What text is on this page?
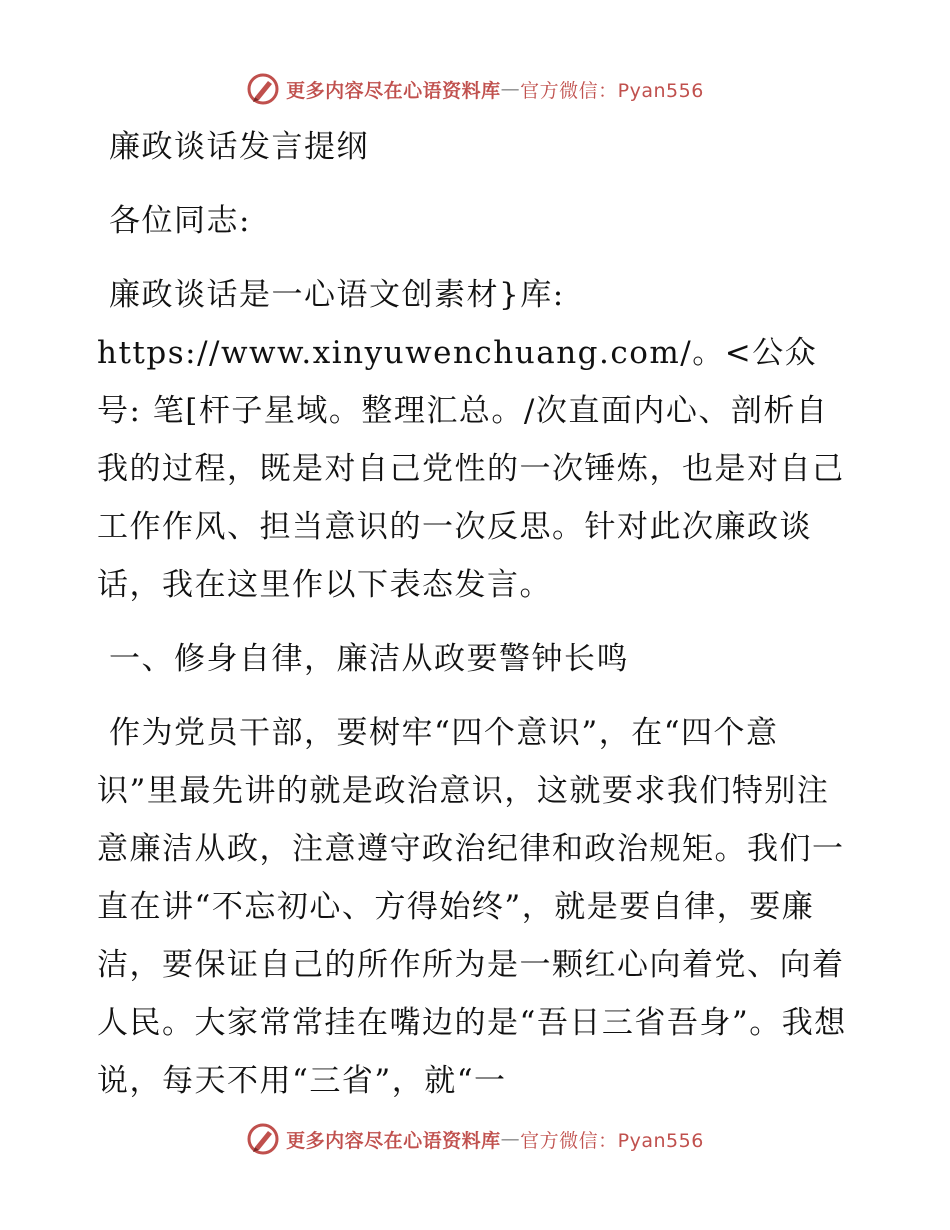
更多内容尽在心语资料库 — 官方微信：Pyan556

廉政谈话发言提纲

各位同志:

廉政谈话是一心语文创素材}库: https://www.xinyuwenchuang.com/。<公众号: 笔[杆子星域。整理汇总。/次直面内心、剖析自我的过程，既是对自己党性的一次锤炼，也是对自己工作作风、担当意识的一次反思。针对此次廉政谈话，我在这里作以下表态发言。

一、修身自律，廉洁从政要警钟长鸣

作为党员干部，要树牢“四个意识”，在“四个意识”里最先讲的就是政治意识，这就要求我们特别注意廉洁从政，注意遵守政治纪律和政治规矩。我们一直在讲“不忘初心、方得始终”，就是要自律，要廉洁，要保证自己的所作所为是一颗红心向着党、向着人民。大家常常挂在嘴边的是“吾日三省吾身”。我想说，每天不用“三省”，就“一

更多内容尽在心语资料库 — 官方微信：Pyan556
